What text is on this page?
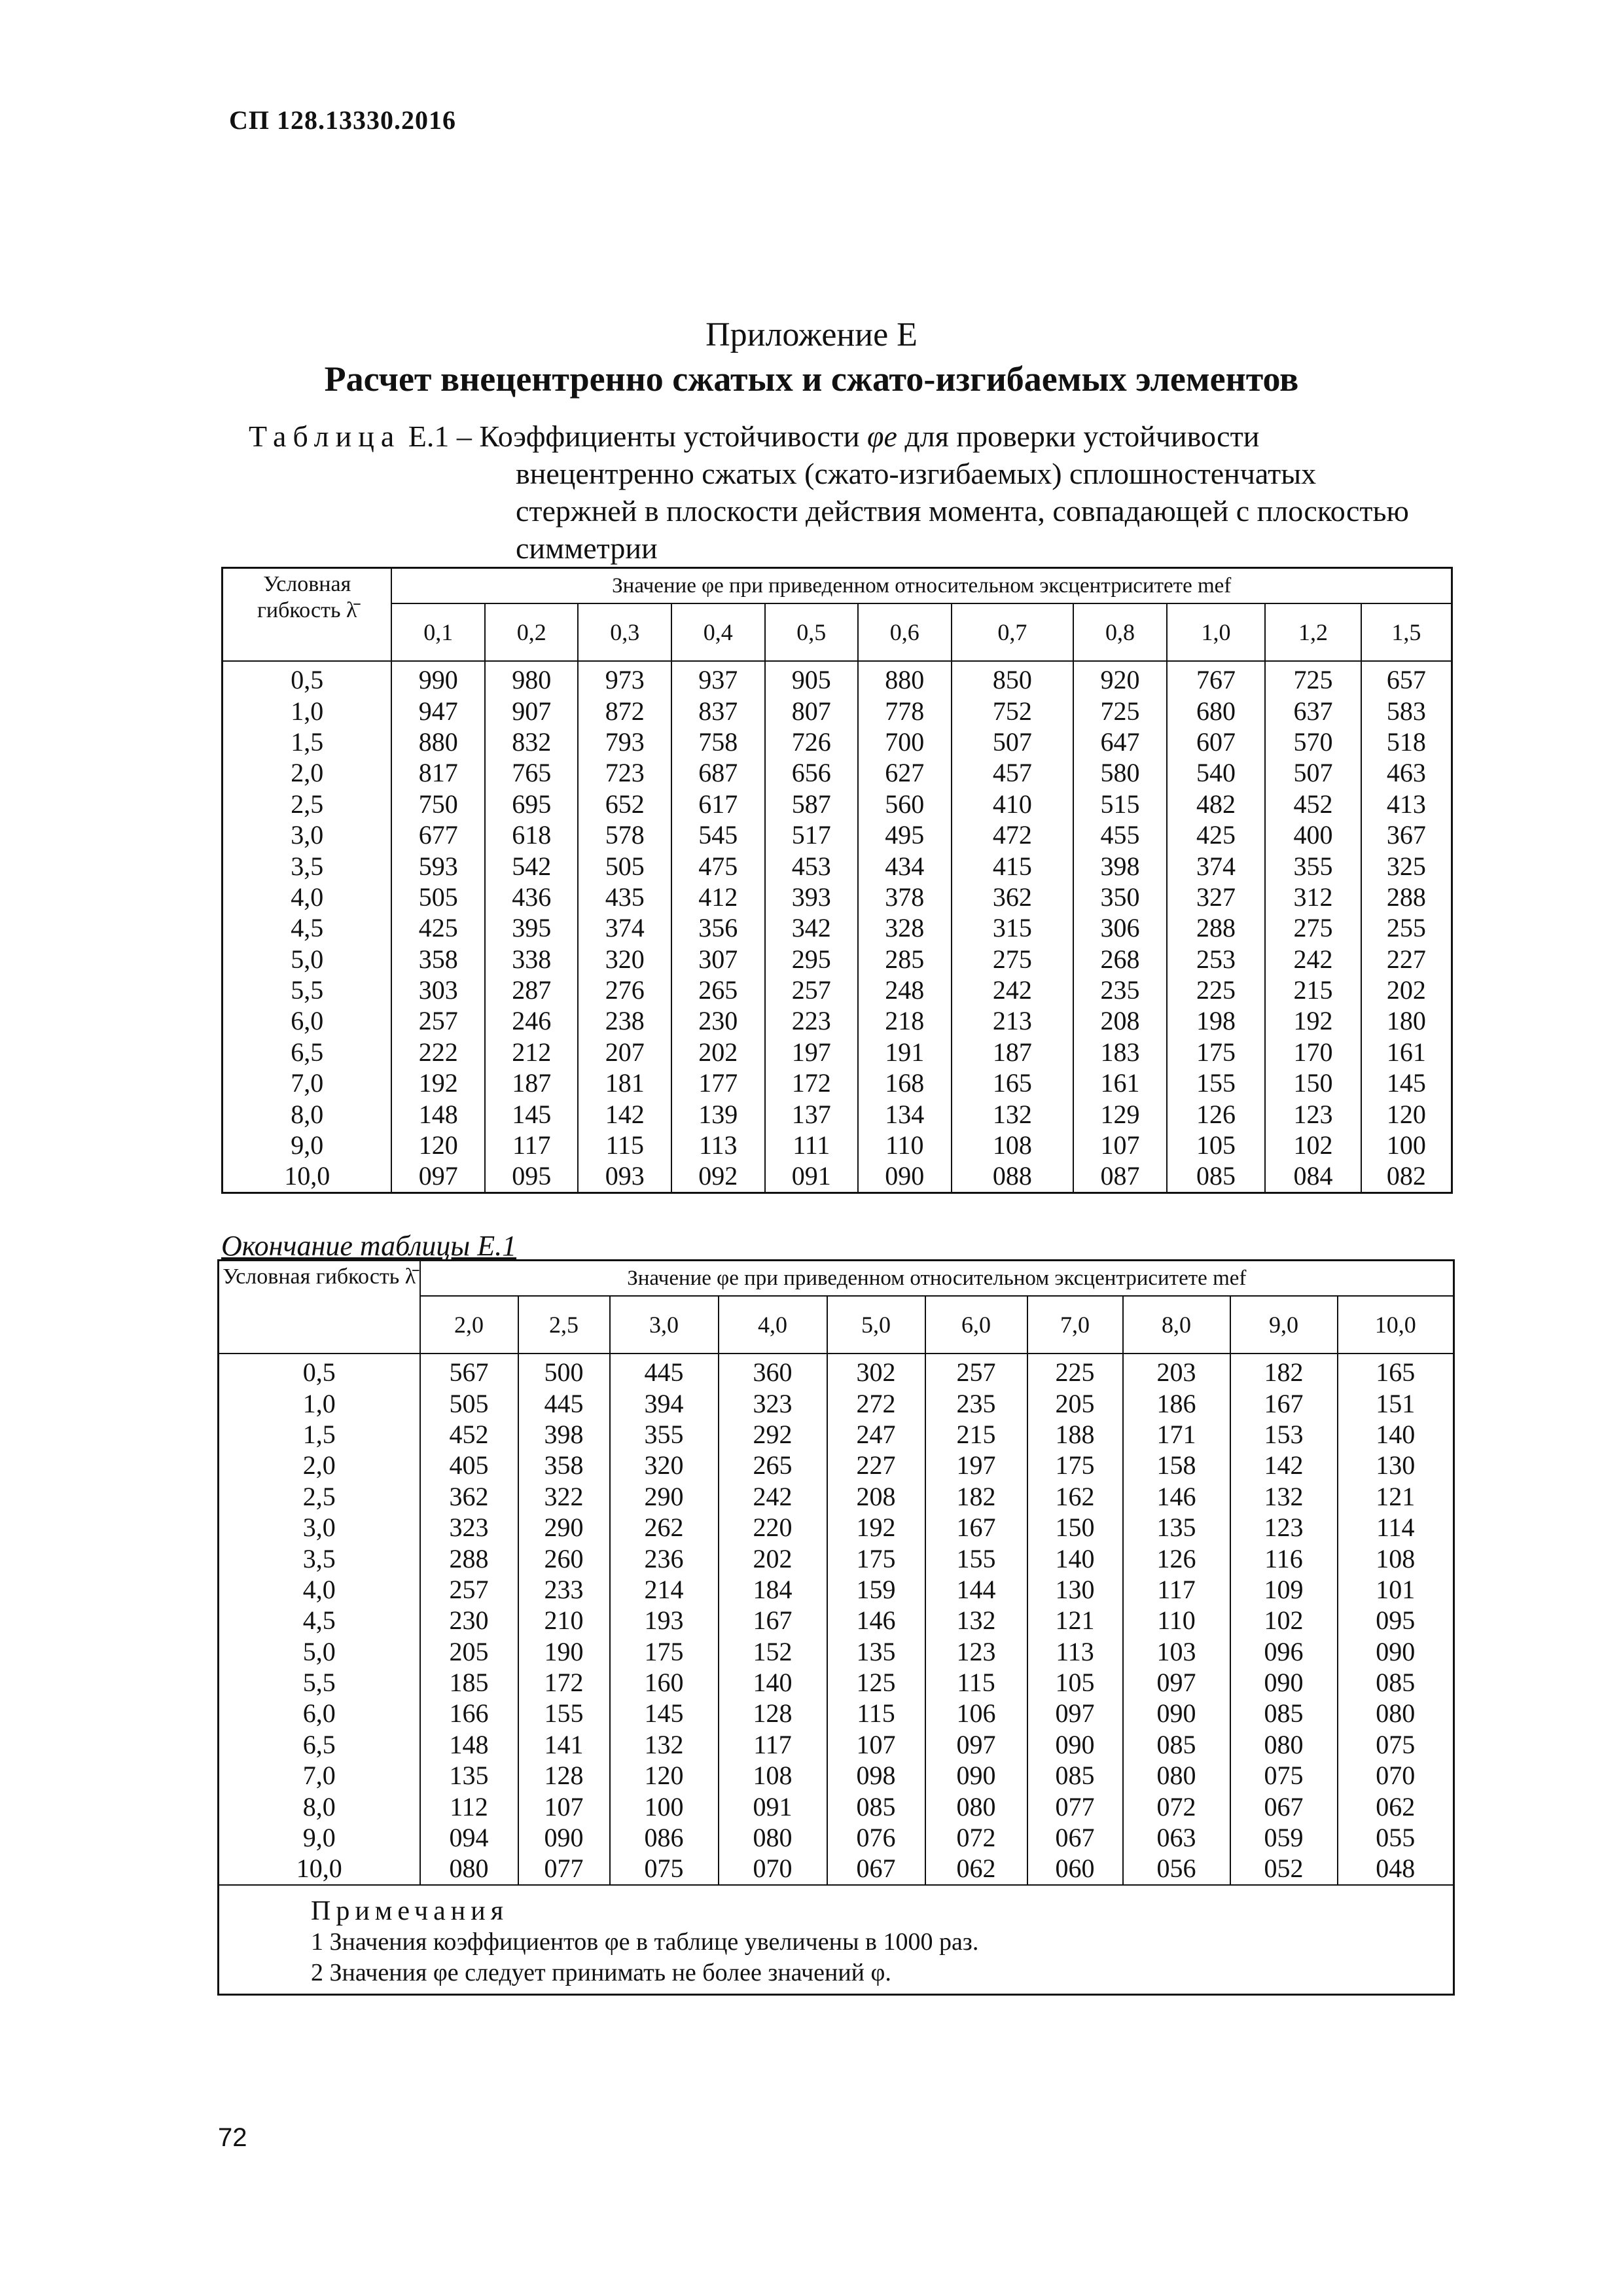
СП 128.13330.2016
Приложение Е
Расчет внецентренно сжатых и сжато-изгибаемых элементов
Таблица Е.1 – Коэффициенты устойчивости φe для проверки устойчивости внецентренно сжатых (сжато-изгибаемых) сплошностенчатых стержней в плоскости действия момента, совпадающей с плоскостью симметрии
Условная гибкость λ̄	Значение φe при приведенном относительном эксцентриситете mef										
	0,1	0,2	0,3	0,4	0,5	0,6	0,7	0,8	1,0	1,2	1,5
0,5	990	980	973	937	905	880	850	920	767	725	657
1,0	947	907	872	837	807	778	752	725	680	637	583
1,5	880	832	793	758	726	700	507	647	607	570	518
2,0	817	765	723	687	656	627	457	580	540	507	463
2,5	750	695	652	617	587	560	410	515	482	452	413
3,0	677	618	578	545	517	495	472	455	425	400	367
3,5	593	542	505	475	453	434	415	398	374	355	325
4,0	505	436	435	412	393	378	362	350	327	312	288
4,5	425	395	374	356	342	328	315	306	288	275	255
5,0	358	338	320	307	295	285	275	268	253	242	227
5,5	303	287	276	265	257	248	242	235	225	215	202
6,0	257	246	238	230	223	218	213	208	198	192	180
6,5	222	212	207	202	197	191	187	183	175	170	161
7,0	192	187	181	177	172	168	165	161	155	150	145
8,0	148	145	142	139	137	134	132	129	126	123	120
9,0	120	117	115	113	111	110	108	107	105	102	100
10,0	097	095	093	092	091	090	088	087	085	084	082
Окончание таблицы Е.1
Условная гибкость λ̄	Значение φe при приведенном относительном эксцентриситете mef									
	2,0	2,5	3,0	4,0	5,0	6,0	7,0	8,0	9,0	10,0
0,5	567	500	445	360	302	257	225	203	182	165
1,0	505	445	394	323	272	235	205	186	167	151
1,5	452	398	355	292	247	215	188	171	153	140
2,0	405	358	320	265	227	197	175	158	142	130
2,5	362	322	290	242	208	182	162	146	132	121
3,0	323	290	262	220	192	167	150	135	123	114
3,5	288	260	236	202	175	155	140	126	116	108
4,0	257	233	214	184	159	144	130	117	109	101
4,5	230	210	193	167	146	132	121	110	102	095
5,0	205	190	175	152	135	123	113	103	096	090
5,5	185	172	160	140	125	115	105	097	090	085
6,0	166	155	145	128	115	106	097	090	085	080
6,5	148	141	132	117	107	097	090	085	080	075
7,0	135	128	120	108	098	090	085	080	075	070
8,0	112	107	100	091	085	080	077	072	067	062
9,0	094	090	086	080	076	072	067	063	059	055
10,0	080	077	075	070	067	062	060	056	052	048

Примечания
1 Значения коэффициентов φe в таблице увеличены в 1000 раз.
2 Значения φe следует принимать не более значений φ.										
72
